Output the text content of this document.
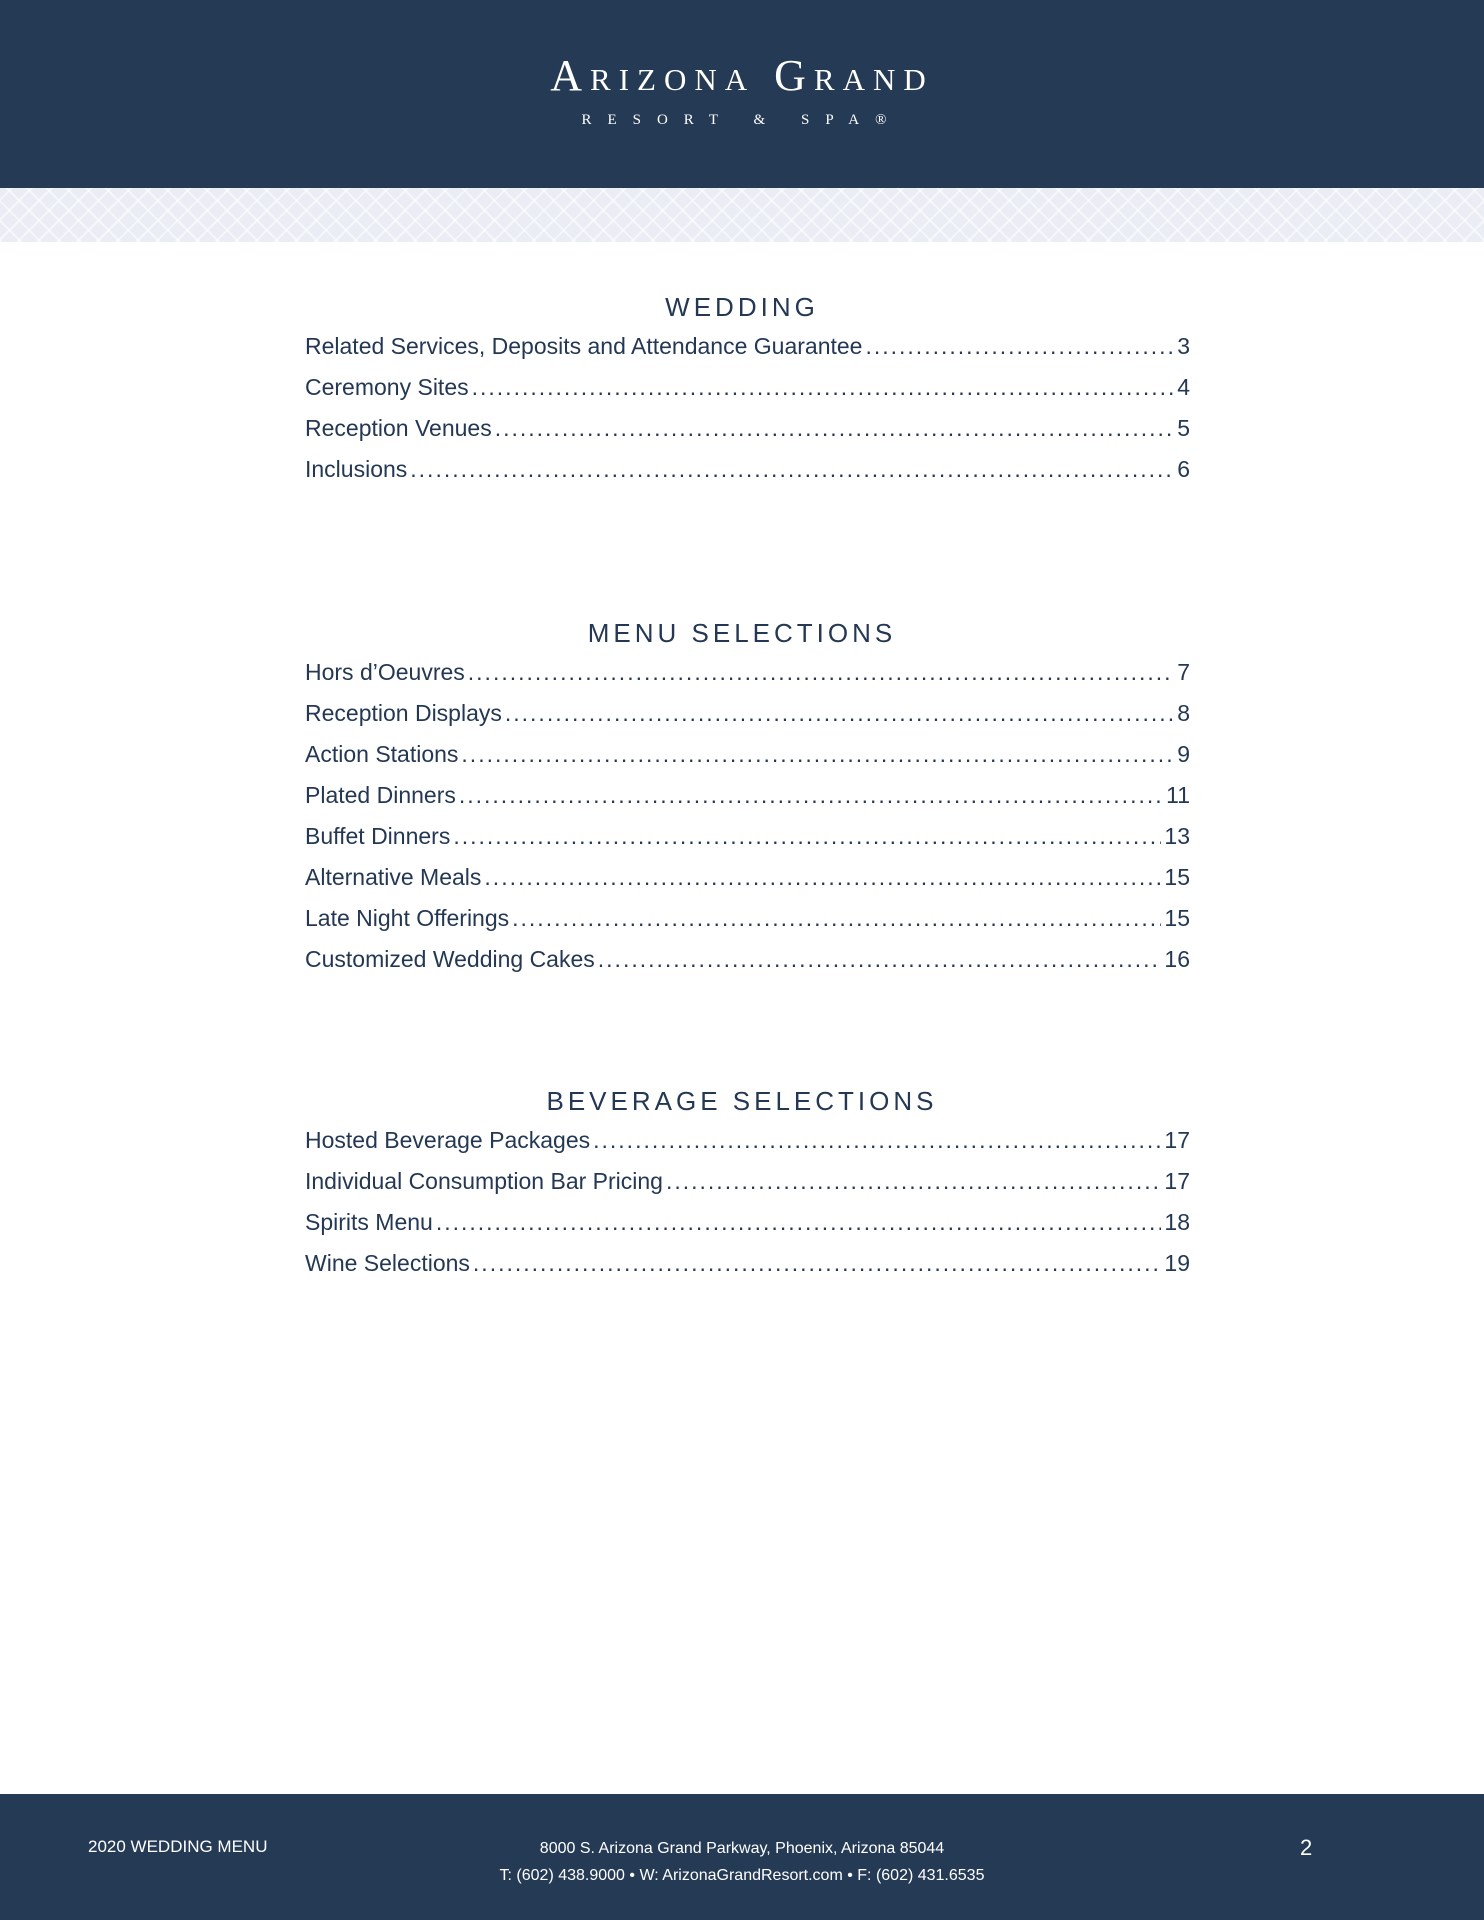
Arizona Grand
RESORT & SPA®
WEDDING
Related Services, Deposits and Attendance Guarantee .....	3
Ceremony Sites .....	4
Reception Venues .....	5
Inclusions .....	6
MENU SELECTIONS
Hors d’Oeuvres .....	7
Reception Displays .....	8
Action Stations .....	9
Plated Dinners .....	11
Buffet Dinners .....	13
Alternative Meals .....	15
Late Night Offerings .....	15
Customized Wedding Cakes .....	16
BEVERAGE SELECTIONS
Hosted Beverage Packages .....	17
Individual Consumption Bar Pricing .....	17
Spirits Menu .....	18
Wine Selections .....	19
2020 WEDDING MENU	8000 S. Arizona Grand Parkway, Phoenix, Arizona 85044
T: (602) 438.9000 • W: ArizonaGrandResort.com • F: (602) 431.6535
2
